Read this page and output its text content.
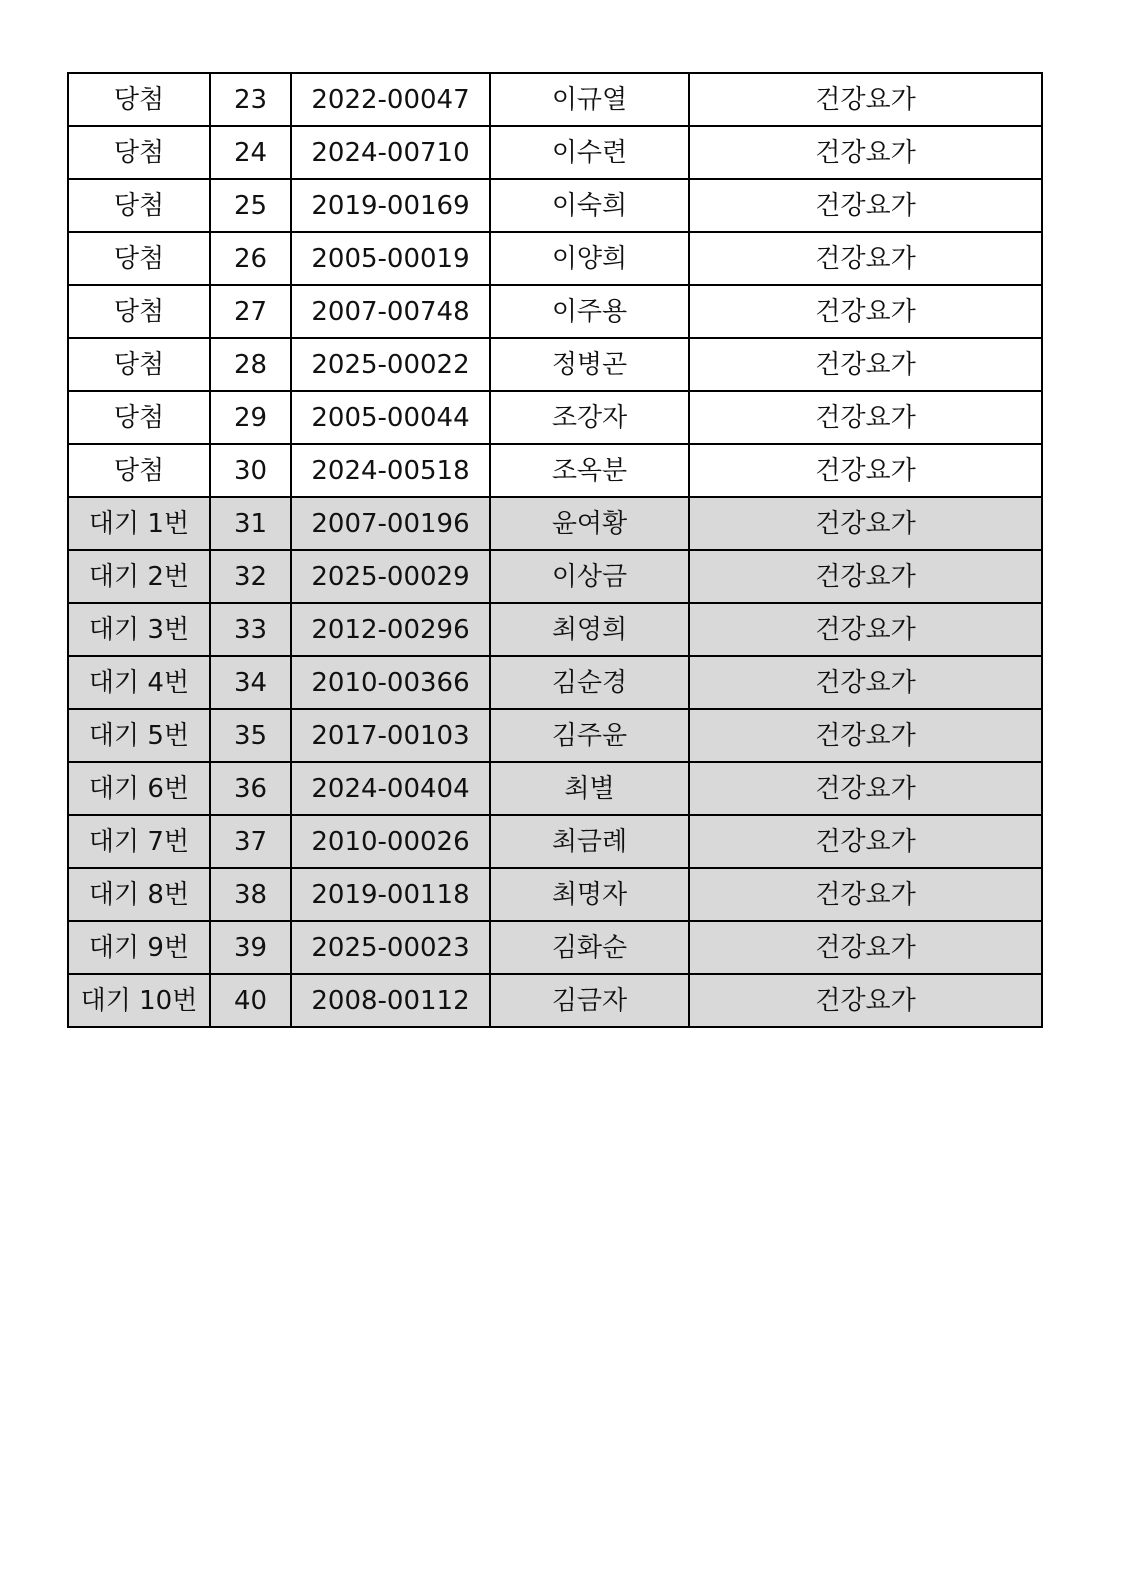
당첨	23	2022-00047	이규열	건강요가
당첨	24	2024-00710	이수련	건강요가
당첨	25	2019-00169	이숙희	건강요가
당첨	26	2005-00019	이양희	건강요가
당첨	27	2007-00748	이주용	건강요가
당첨	28	2025-00022	정병곤	건강요가
당첨	29	2005-00044	조강자	건강요가
당첨	30	2024-00518	조옥분	건강요가
대기 1번	31	2007-00196	윤여황	건강요가
대기 2번	32	2025-00029	이상금	건강요가
대기 3번	33	2012-00296	최영희	건강요가
대기 4번	34	2010-00366	김순경	건강요가
대기 5번	35	2017-00103	김주윤	건강요가
대기 6번	36	2024-00404	최별	건강요가
대기 7번	37	2010-00026	최금례	건강요가
대기 8번	38	2019-00118	최명자	건강요가
대기 9번	39	2025-00023	김화순	건강요가
대기 10번	40	2008-00112	김금자	건강요가
